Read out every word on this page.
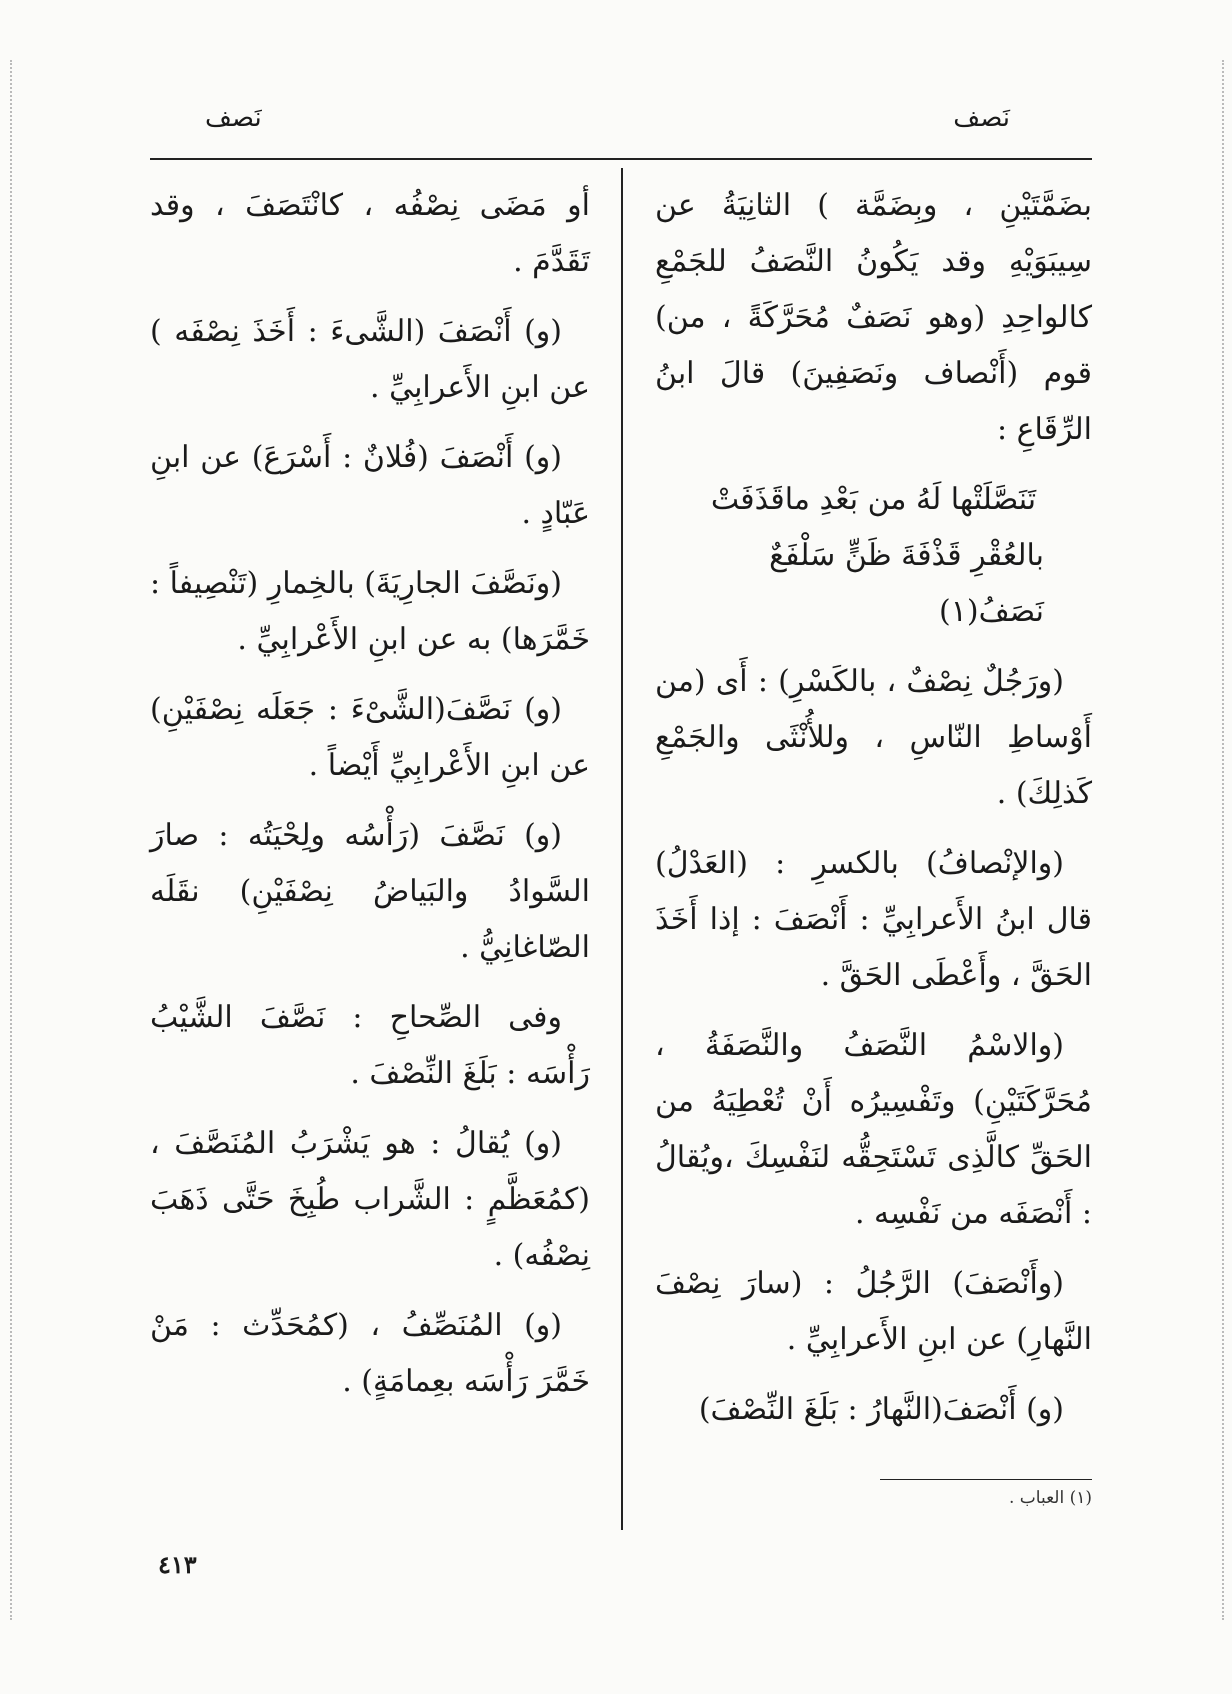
نَصف
نَصف

بضَمَّتَيْنِ ، وبِضَمَّة ) الثانِيَةُ عن سِيبَوَيْهِ وقد يَكُونُ النَّصَفُ للجَمْعِ كالواحِدِ (وهو نَصَفٌ مُحَرَّكَةً ، من) قوم (أَنْصاف ونَصَفِينَ) قالَ ابنُ الرِّقَاعِ :

تَنَصَّلَتْها لَهُ من بَعْدِ ماقَذَفَتْ
بالعُقْرِ قَذْفَةَ ظَنٍّ سَلْفَعٌ نَصَفُ(١)

(ورَجُلٌ نِصْفٌ ، بالكَسْرِ) : أَى (من أَوْساطِ النّاسِ ، وللأُنْثَى والجَمْعِ كَذلِكَ) .

(والإنْصافُ) بالكسرِ : (العَدْلُ) قال ابنُ الأَعرابِيِّ : أَنْصَفَ : إذا أَخَذَ الحَقَّ ، وأَعْطَى الحَقَّ .

(والاسْمُ النَّصَفُ والنَّصَفَةُ ، مُحَرَّكَتَيْنِ) وتَفْسِيرُه أَنْ تُعْطِيَهُ من الحَقِّ كالَّذِى تَسْتَحِقُّه لنَفْسِكَ ،ويُقالُ : أَنْصَفَه من نَفْسِه .

(وأَنْصَفَ) الرَّجُلُ : (سارَ نِصْفَ النَّهارِ) عن ابنِ الأَعرابِيِّ .

(و) أَنْصَفَ(النَّهارُ : بَلَغَ النِّصْفَ)

أو مَضَى نِصْفُه ، كانْتَصَفَ ، وقد تَقَدَّمَ .

(و) أَنْصَفَ (الشَّىءَ : أَخَذَ نِصْفَه ) عن ابنِ الأَعرابِيِّ .

(و) أَنْصَفَ (فُلانٌ : أَسْرَعَ) عن ابنِ عَبّادٍ .

(ونَصَّفَ الجارِيَةَ) بالخِمارِ (تَنْصِيفاً : خَمَّرَها) به عن ابنِ الأَعْرابِيِّ .

(و) نَصَّفَ(الشَّىْءَ : جَعَلَه نِصْفَيْنِ) عن ابنِ الأَعْرابِيِّ أَيْضاً .

(و) نَصَّفَ (رَأْسُه ولِحْيَتُه : صارَ السَّوادُ والبَياضُ نِصْفَيْنِ) نقَلَه الصّاغانِيُّ .

وفى الصِّحاحِ : نَصَّفَ الشَّيْبُ رَأْسَه : بَلَغَ النِّصْفَ .

(و) يُقالُ : هو يَشْرَبُ المُنَصَّفَ ، (كمُعَظَّمٍ : الشَّراب طُبِخَ حَتَّى ذَهَبَ نِصْفُه) .

(و) المُنَصِّفُ ، (كمُحَدِّث : مَنْ خَمَّرَ رَأْسَه بعِمامَةٍ) .

(١) العباب .
٤١٣
